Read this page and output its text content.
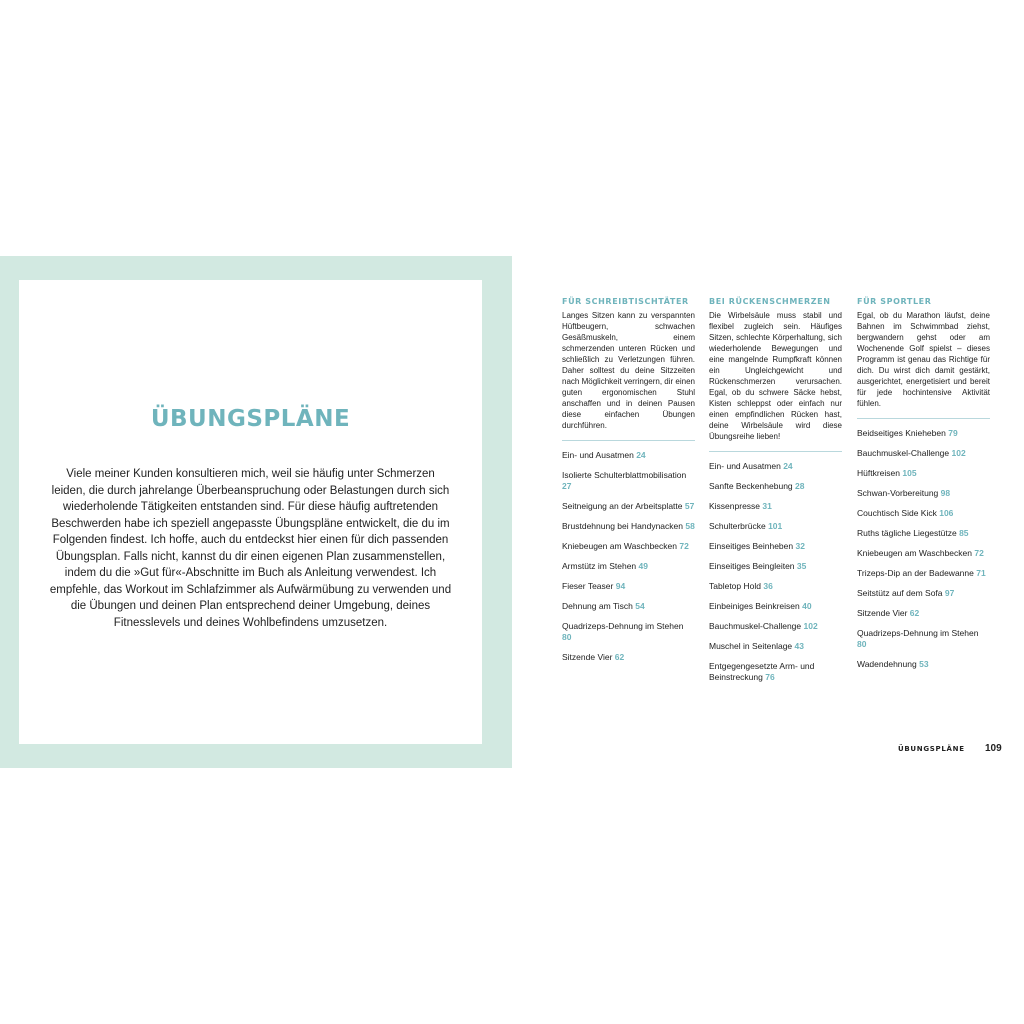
ÜBUNGSPLÄNE
Viele meiner Kunden konsultieren mich, weil sie häufig unter Schmerzen leiden, die durch jahrelange Überbeanspruchung oder Belastungen durch sich wiederholende Tätigkeiten entstanden sind. Für diese häufig auftretenden Beschwerden habe ich speziell angepasste Übungspläne entwickelt, die du im Folgenden findest. Ich hoffe, auch du entdeckst hier einen für dich passenden Übungsplan. Falls nicht, kannst du dir einen eigenen Plan zusammenstellen, indem du die »Gut für«-Abschnitte im Buch als Anleitung verwendest. Ich empfehle, das Workout im Schlafzimmer als Aufwärmübung zu verwenden und die Übungen und deinen Plan entsprechend deiner Umgebung, deines Fitnesslevels und deines Wohlbefindens umzusetzen.
FÜR SCHREIBTISCHTÄTER
Langes Sitzen kann zu verspannten Hüftbeugern, schwachen Gesäßmuskeln, einem schmerzenden unteren Rücken und schließlich zu Verletzungen führen. Daher solltest du deine Sitzzeiten nach Möglichkeit verringern, dir einen guten ergonomischen Stuhl anschaffen und in deinen Pausen diese einfachen Übungen durchführen.
Ein- und Ausatmen 24
Isolierte Schulterblattmobilisation 27
Seitneigung an der Arbeitsplatte 57
Brustdehnung bei Handynacken 58
Kniebeugen am Waschbecken 72
Armstütz im Stehen 49
Fieser Teaser 94
Dehnung am Tisch 54
Quadrizeps-Dehnung im Stehen 80
Sitzende Vier 62
BEI RÜCKENSCHMERZEN
Die Wirbelsäule muss stabil und flexibel zugleich sein. Häufiges Sitzen, schlechte Körperhaltung, sich wiederholende Bewegungen und eine mangelnde Rumpfkraft können ein Ungleichgewicht und Rückenschmerzen verursachen. Egal, ob du schwere Säcke hebst, Kisten schleppst oder einfach nur einen empfindlichen Rücken hast, deine Wirbelsäule wird diese Übungsreihe lieben!
Ein- und Ausatmen 24
Sanfte Beckenhebung 28
Kissenpresse 31
Schulterbrücke 101
Einseitiges Beinheben 32
Einseitiges Beingleiten 35
Tabletop Hold 36
Einbeiniges Beinkreisen 40
Bauchmuskel-Challenge 102
Muschel in Seitenlage 43
Entgegengesetzte Arm- und Beinstreckung 76
FÜR SPORTLER
Egal, ob du Marathon läufst, deine Bahnen im Schwimmbad ziehst, bergwandern gehst oder am Wochenende Golf spielst – dieses Programm ist genau das Richtige für dich. Du wirst dich damit gestärkt, ausgerichtet, energetisiert und bereit für jede hochintensive Aktivität fühlen.
Beidseitiges Knieheben 79
Bauchmuskel-Challenge 102
Hüftkreisen 105
Schwan-Vorbereitung 98
Couchtisch Side Kick 106
Ruths tägliche Liegestütze 85
Kniebeugen am Waschbecken 72
Trizeps-Dip an der Badewanne 71
Seitstütz auf dem Sofa 97
Sitzende Vier 62
Quadrizeps-Dehnung im Stehen 80
Wadendehnung 53
ÜBUNGSPLÄNE 109
